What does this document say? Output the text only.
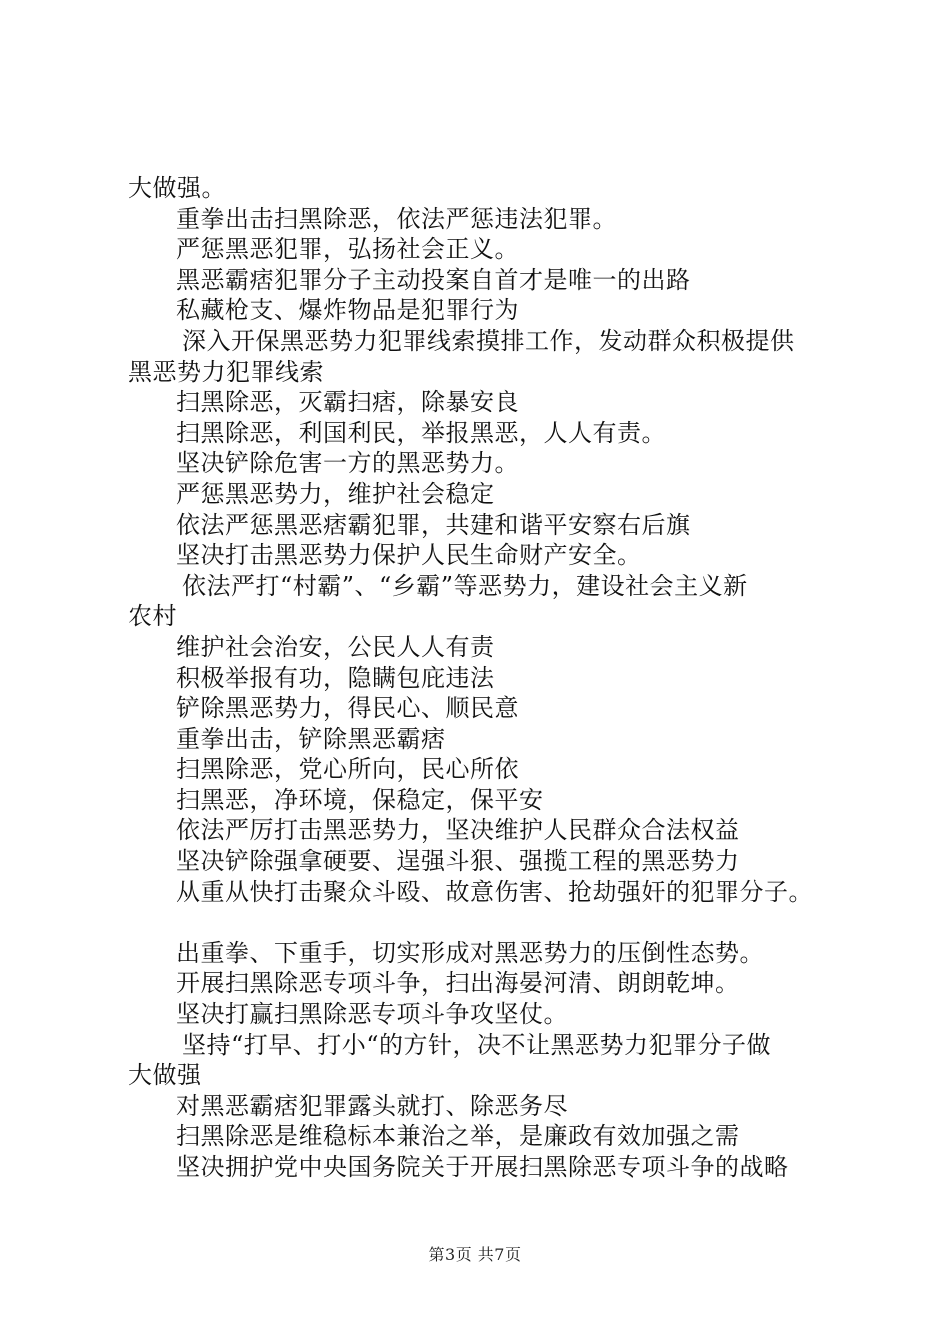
大做强。
重拳出击扫黑除恶，依法严惩违法犯罪。
严惩黑恶犯罪，弘扬社会正义。
黑恶霸痞犯罪分子主动投案自首才是唯一的出路
私藏枪支、爆炸物品是犯罪行为
深入开保黑恶势力犯罪线索摸排工作，发动群众积极提供
黑恶势力犯罪线索
扫黑除恶，灭霸扫痞，除暴安良
扫黑除恶，利国利民，举报黑恶，人人有责。
坚决铲除危害一方的黑恶势力。
严惩黑恶势力，维护社会稳定
依法严惩黑恶痞霸犯罪，共建和谐平安察右后旗
坚决打击黑恶势力保护人民生命财产安全。
依法严打“村霸”、“乡霸”等恶势力，建设社会主义新
农村
维护社会治安，公民人人有责
积极举报有功，隐瞒包庇违法
铲除黑恶势力，得民心、顺民意
重拳出击，铲除黑恶霸痞
扫黑除恶，党心所向，民心所依
扫黑恶，净环境，保稳定，保平安
依法严厉打击黑恶势力，坚决维护人民群众合法权益
坚决铲除强拿硬要、逞强斗狠、强揽工程的黑恶势力
从重从快打击聚众斗殴、故意伤害、抢劫强奸的犯罪分子。
出重拳、下重手，切实形成对黑恶势力的压倒性态势。
开展扫黑除恶专项斗争，扫出海晏河清、朗朗乾坤。
坚决打赢扫黑除恶专项斗争攻坚仗。
坚持“打早、打小“的方针，决不让黑恶势力犯罪分子做
大做强
对黑恶霸痞犯罪露头就打、除恶务尽
扫黑除恶是维稳标本兼治之举，是廉政有效加强之需
坚决拥护党中央国务院关于开展扫黑除恶专项斗争的战略
第3页 共7页
